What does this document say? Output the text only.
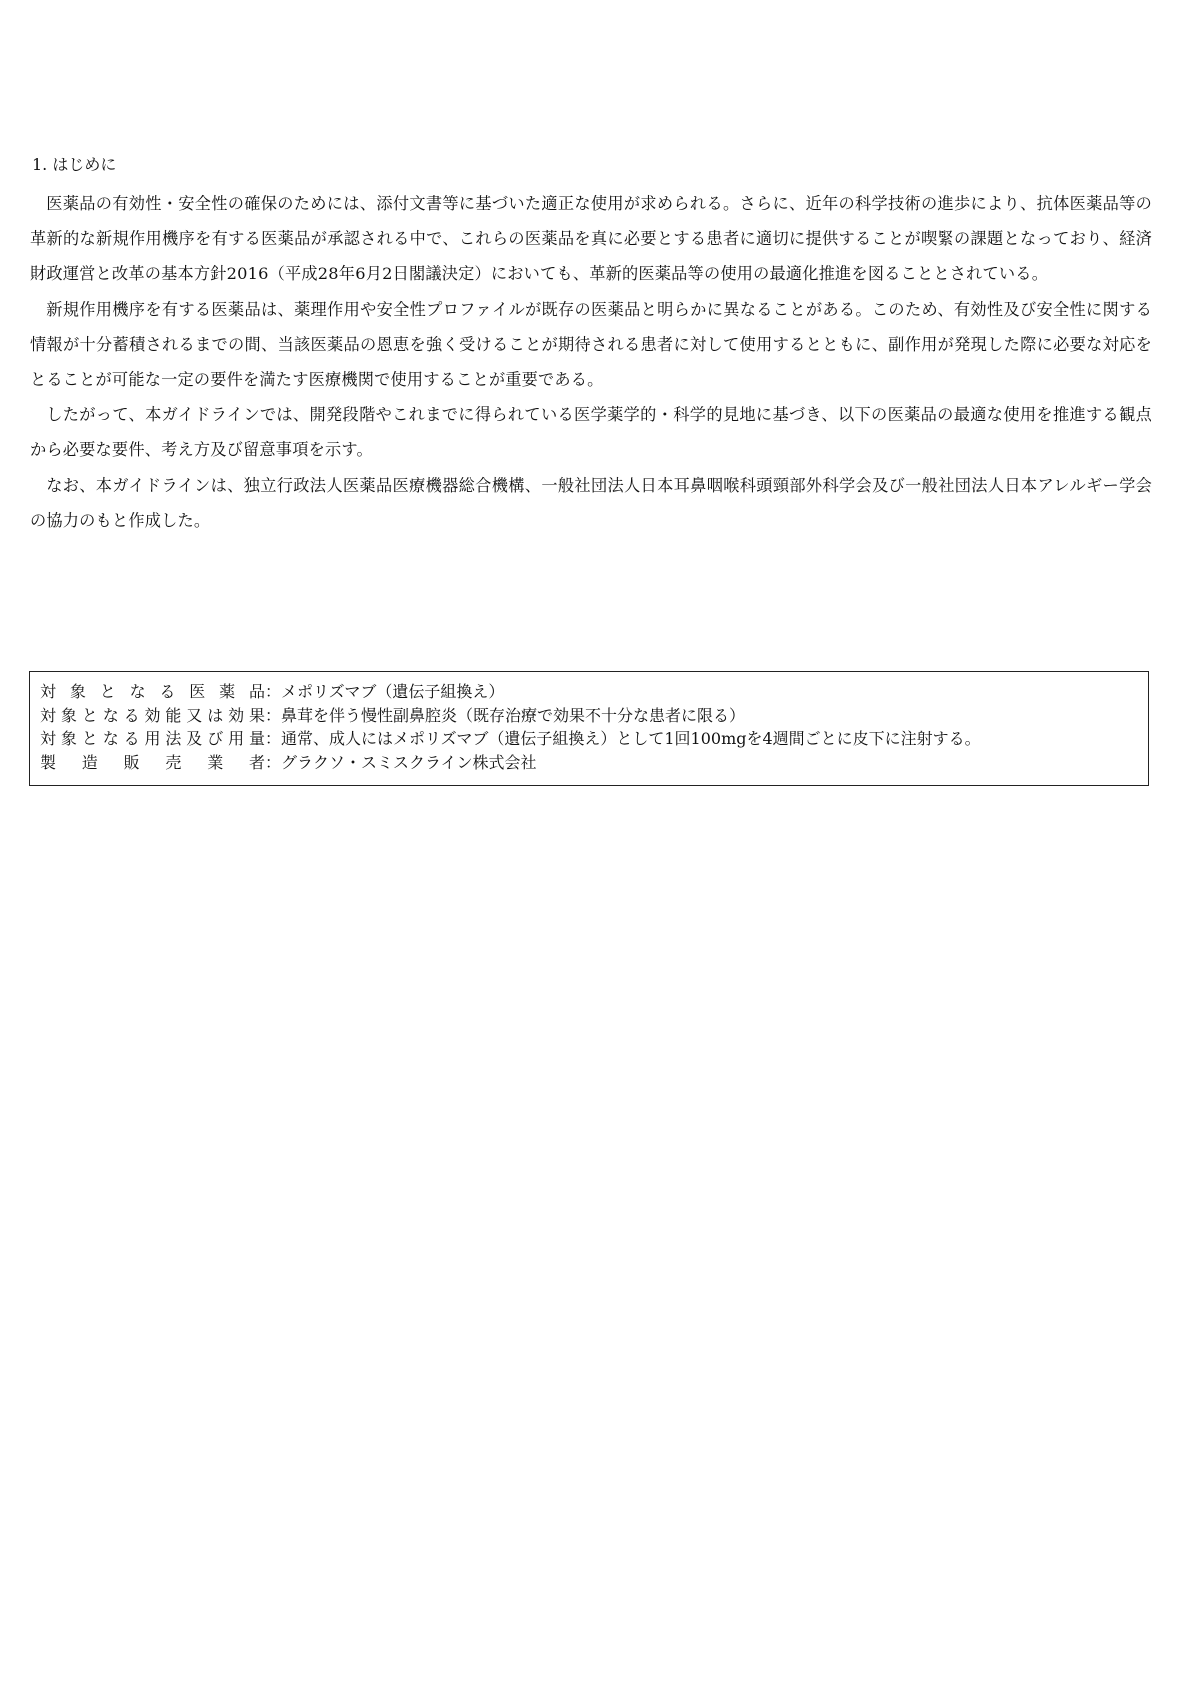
1. はじめに

医薬品の有効性・安全性の確保のためには、添付文書等に基づいた適正な使用が求められる。さらに、近年の科学技術の進歩により、抗体医薬品等の革新的な新規作用機序を有する医薬品が承認される中で、これらの医薬品を真に必要とする患者に適切に提供することが喫緊の課題となっており、経済財政運営と改革の基本方針2016（平成28年6月2日閣議決定）においても、革新的医薬品等の使用の最適化推進を図ることとされている。

新規作用機序を有する医薬品は、薬理作用や安全性プロファイルが既存の医薬品と明らかに異なることがある。このため、有効性及び安全性に関する情報が十分蓄積されるまでの間、当該医薬品の恩恵を強く受けることが期待される患者に対して使用するとともに、副作用が発現した際に必要な対応をとることが可能な一定の要件を満たす医療機関で使用することが重要である。

したがって、本ガイドラインでは、開発段階やこれまでに得られている医学薬学的・科学的見地に基づき、以下の医薬品の最適な使用を推進する観点から必要な要件、考え方及び留意事項を示す。

なお、本ガイドラインは、独立行政法人医薬品医療機器総合機構、一般社団法人日本耳鼻咽喉科頭頸部外科学会及び一般社団法人日本アレルギー学会の協力のもと作成した。

対象となる医薬品 ： メポリズマブ（遺伝子組換え）
対象となる効能又は効果 ： 鼻茸を伴う慢性副鼻腔炎（既存治療で効果不十分な患者に限る）
対象となる用法及び用量 ： 通常、成人にはメポリズマブ（遺伝子組換え）として1回100mgを4週間ごとに皮下に注射する。
製造販売業者 ： グラクソ・スミスクライン株式会社
